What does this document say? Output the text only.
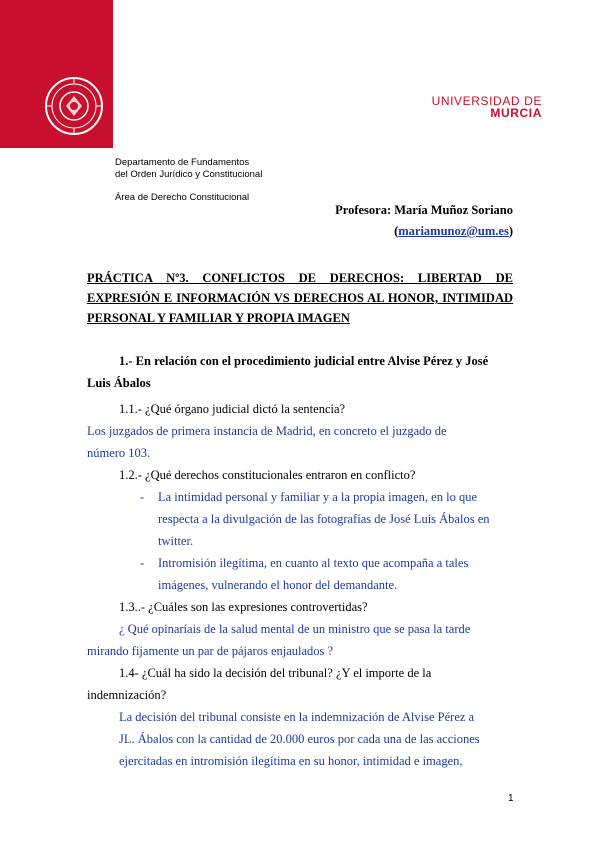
UNIVERSIDAD DE
MURCIA
Departamento de Fundamentos
del Orden Jurídico y Constitucional
Área de Derecho Constitucional
Profesora: María Muñoz Soriano
(mariamunoz@um.es)
PRÁCTICA Nº3. CONFLICTOS DE DERECHOS: LIBERTAD DE EXPRESIÓN E INFORMACIÓN VS DERECHOS AL HONOR, INTIMIDAD PERSONAL Y FAMILIAR Y PROPIA IMAGEN
1.- En relación con el procedimiento judicial entre Alvise Pérez y José
Luis Ábalos
1.1.- ¿Qué órgano judicial dictó la sentencia?
Los juzgados de primera instancia de Madrid, en concreto el juzgado de
número 103.
1.2.- ¿Qué derechos constitucionales entraron en conflicto?
- La intimidad personal y familiar y a la propia imagen, en lo que respecta a la divulgación de las fotografías de José Luis Ábalos en twitter.
- Intromisión ilegítima, en cuanto al texto que acompaña a tales imágenes, vulnerando el honor del demandante.
1.3..- ¿Cuáles son las expresiones controvertidas?
¿ Qué opinaríais de la salud mental de un ministro que se pasa la tarde
mirando fijamente un par de pájaros enjaulados ?
1.4- ¿Cuál ha sido la decisión del tribunal? ¿Y el importe de la
indemnización?
La decisión del tribunal consiste en la indemnización de Alvise Pérez a
JL. Ábalos con la cantidad de 20.000 euros por cada una de las acciones
ejercitadas en intromisión ilegítima en su honor, intimidad e imagen,
1
